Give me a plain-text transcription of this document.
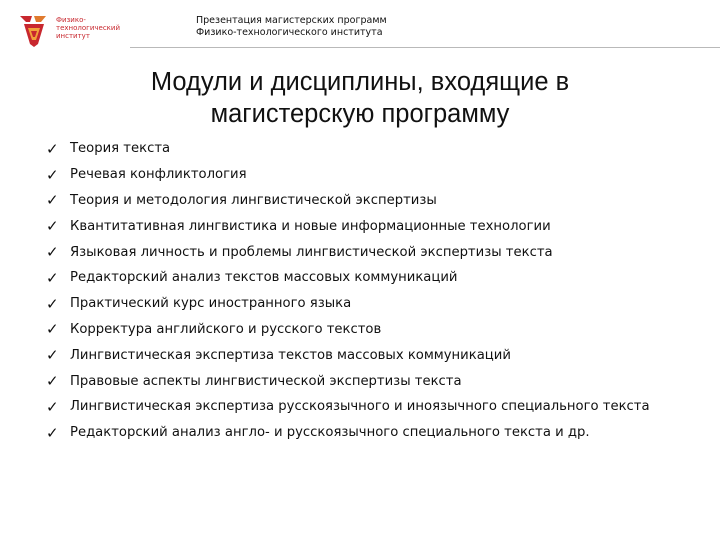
Физико-
технологический
институт
Презентация магистерских программ
Физико-технологического института
Модули и дисциплины, входящие в
магистерскую программу
✓ Теория текста
✓ Речевая конфликтология
✓ Теория и методология лингвистической экспертизы
✓ Квантитативная лингвистика и новые информационные технологии
✓ Языковая личность и проблемы лингвистической экспертизы текста
✓ Редакторский анализ текстов массовых коммуникаций
✓ Практический курс иностранного языка
✓ Корректура английского и русского текстов
✓ Лингвистическая экспертиза текстов массовых коммуникаций
✓ Правовые аспекты лингвистической экспертизы текста
✓ Лингвистическая экспертиза русскоязычного и иноязычного специального текста
✓ Редакторский анализ англо- и русскоязычного специального текста и др.
